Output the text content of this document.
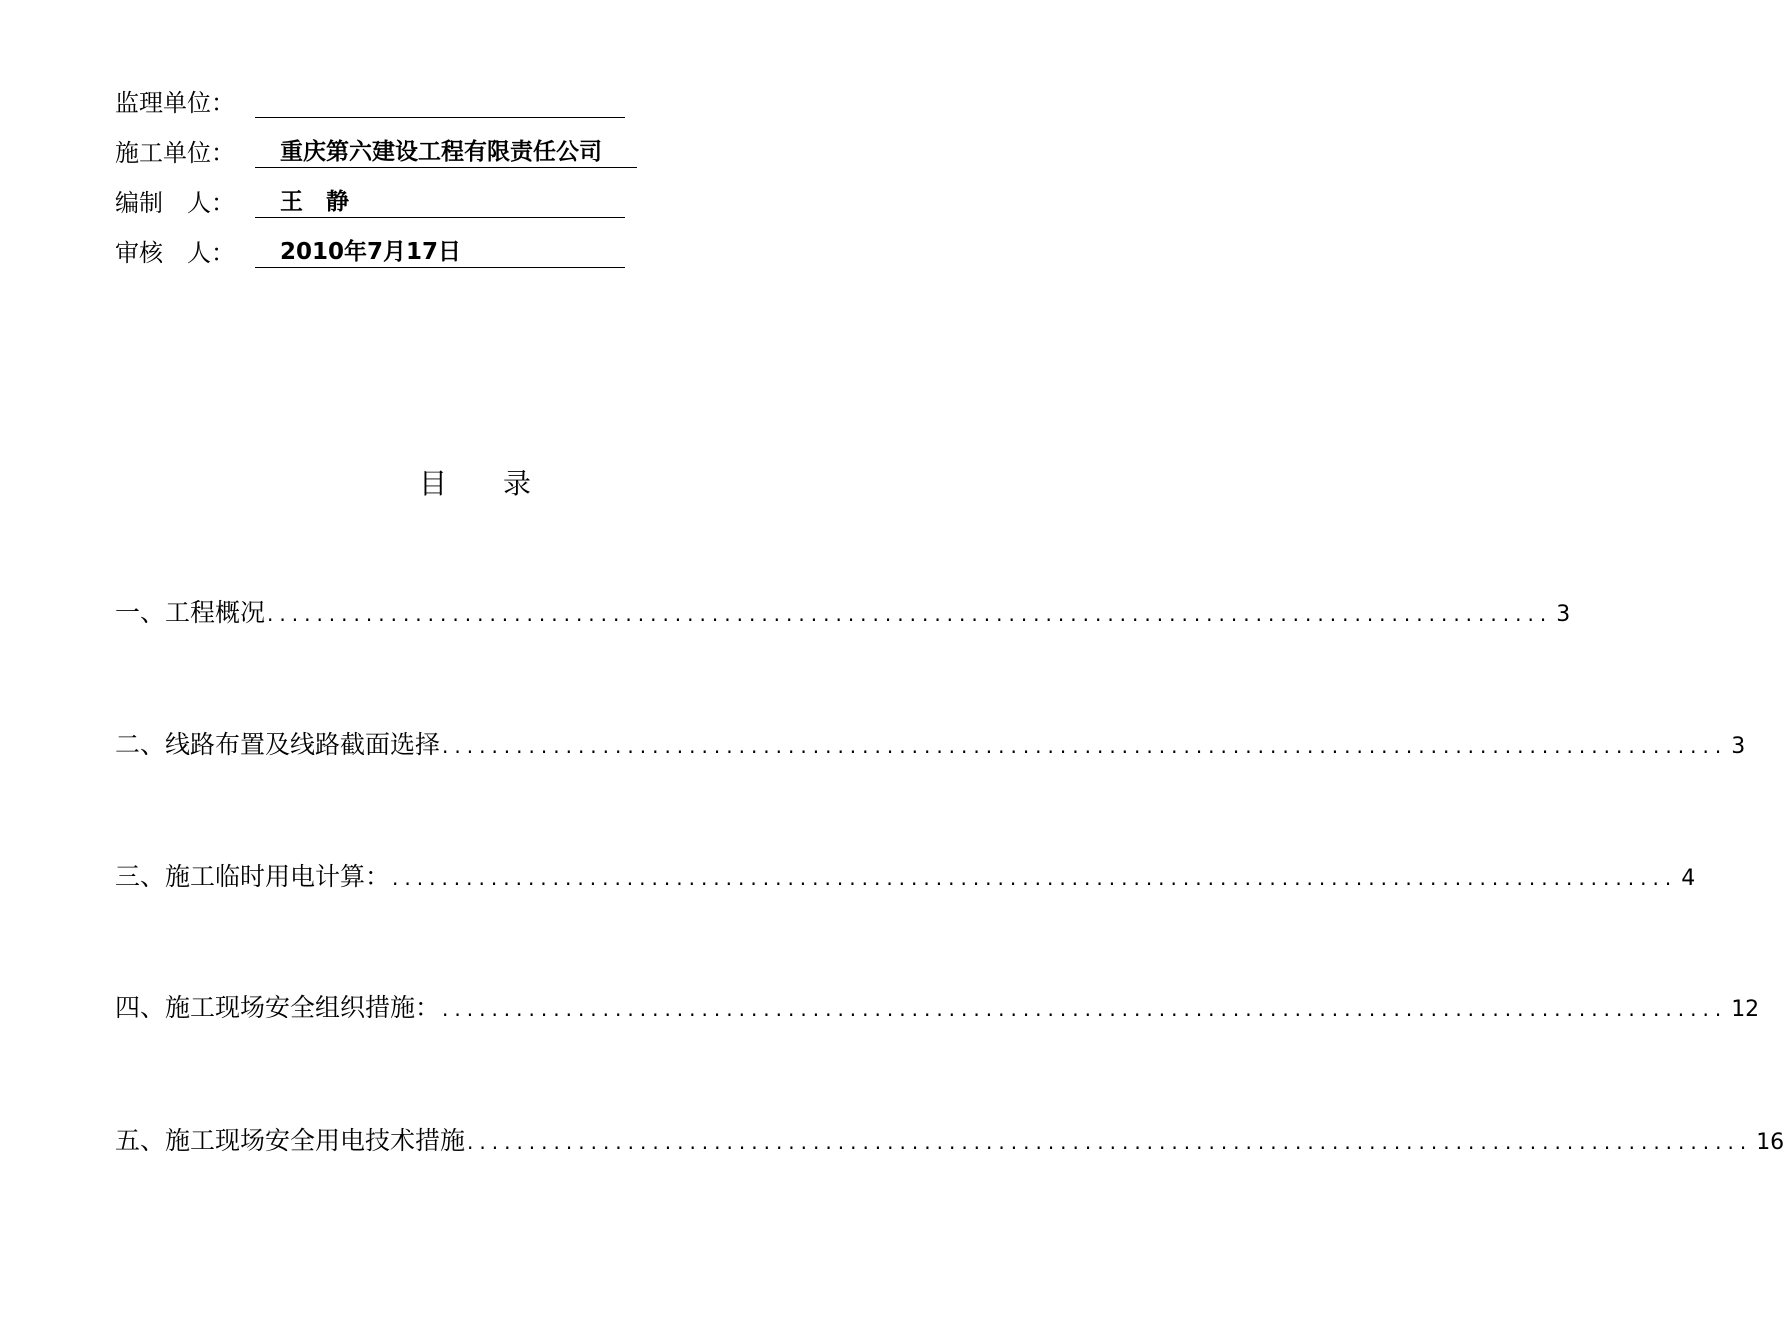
监理单位：
施工单位：	重庆第六建设工程有限责任公司
编制　人：	王　静
审核　人：	2010年7月17日
目　　录
一、工程概况 ........................................................................................................ 3
二、线路布置及线路截面选择 ........................................................................................................ 3
三、施工临时用电计算： ........................................................................................................ 4
四、施工现场安全组织措施： ........................................................................................................ 12
五、施工现场安全用电技术措施 ........................................................................................................ 16
